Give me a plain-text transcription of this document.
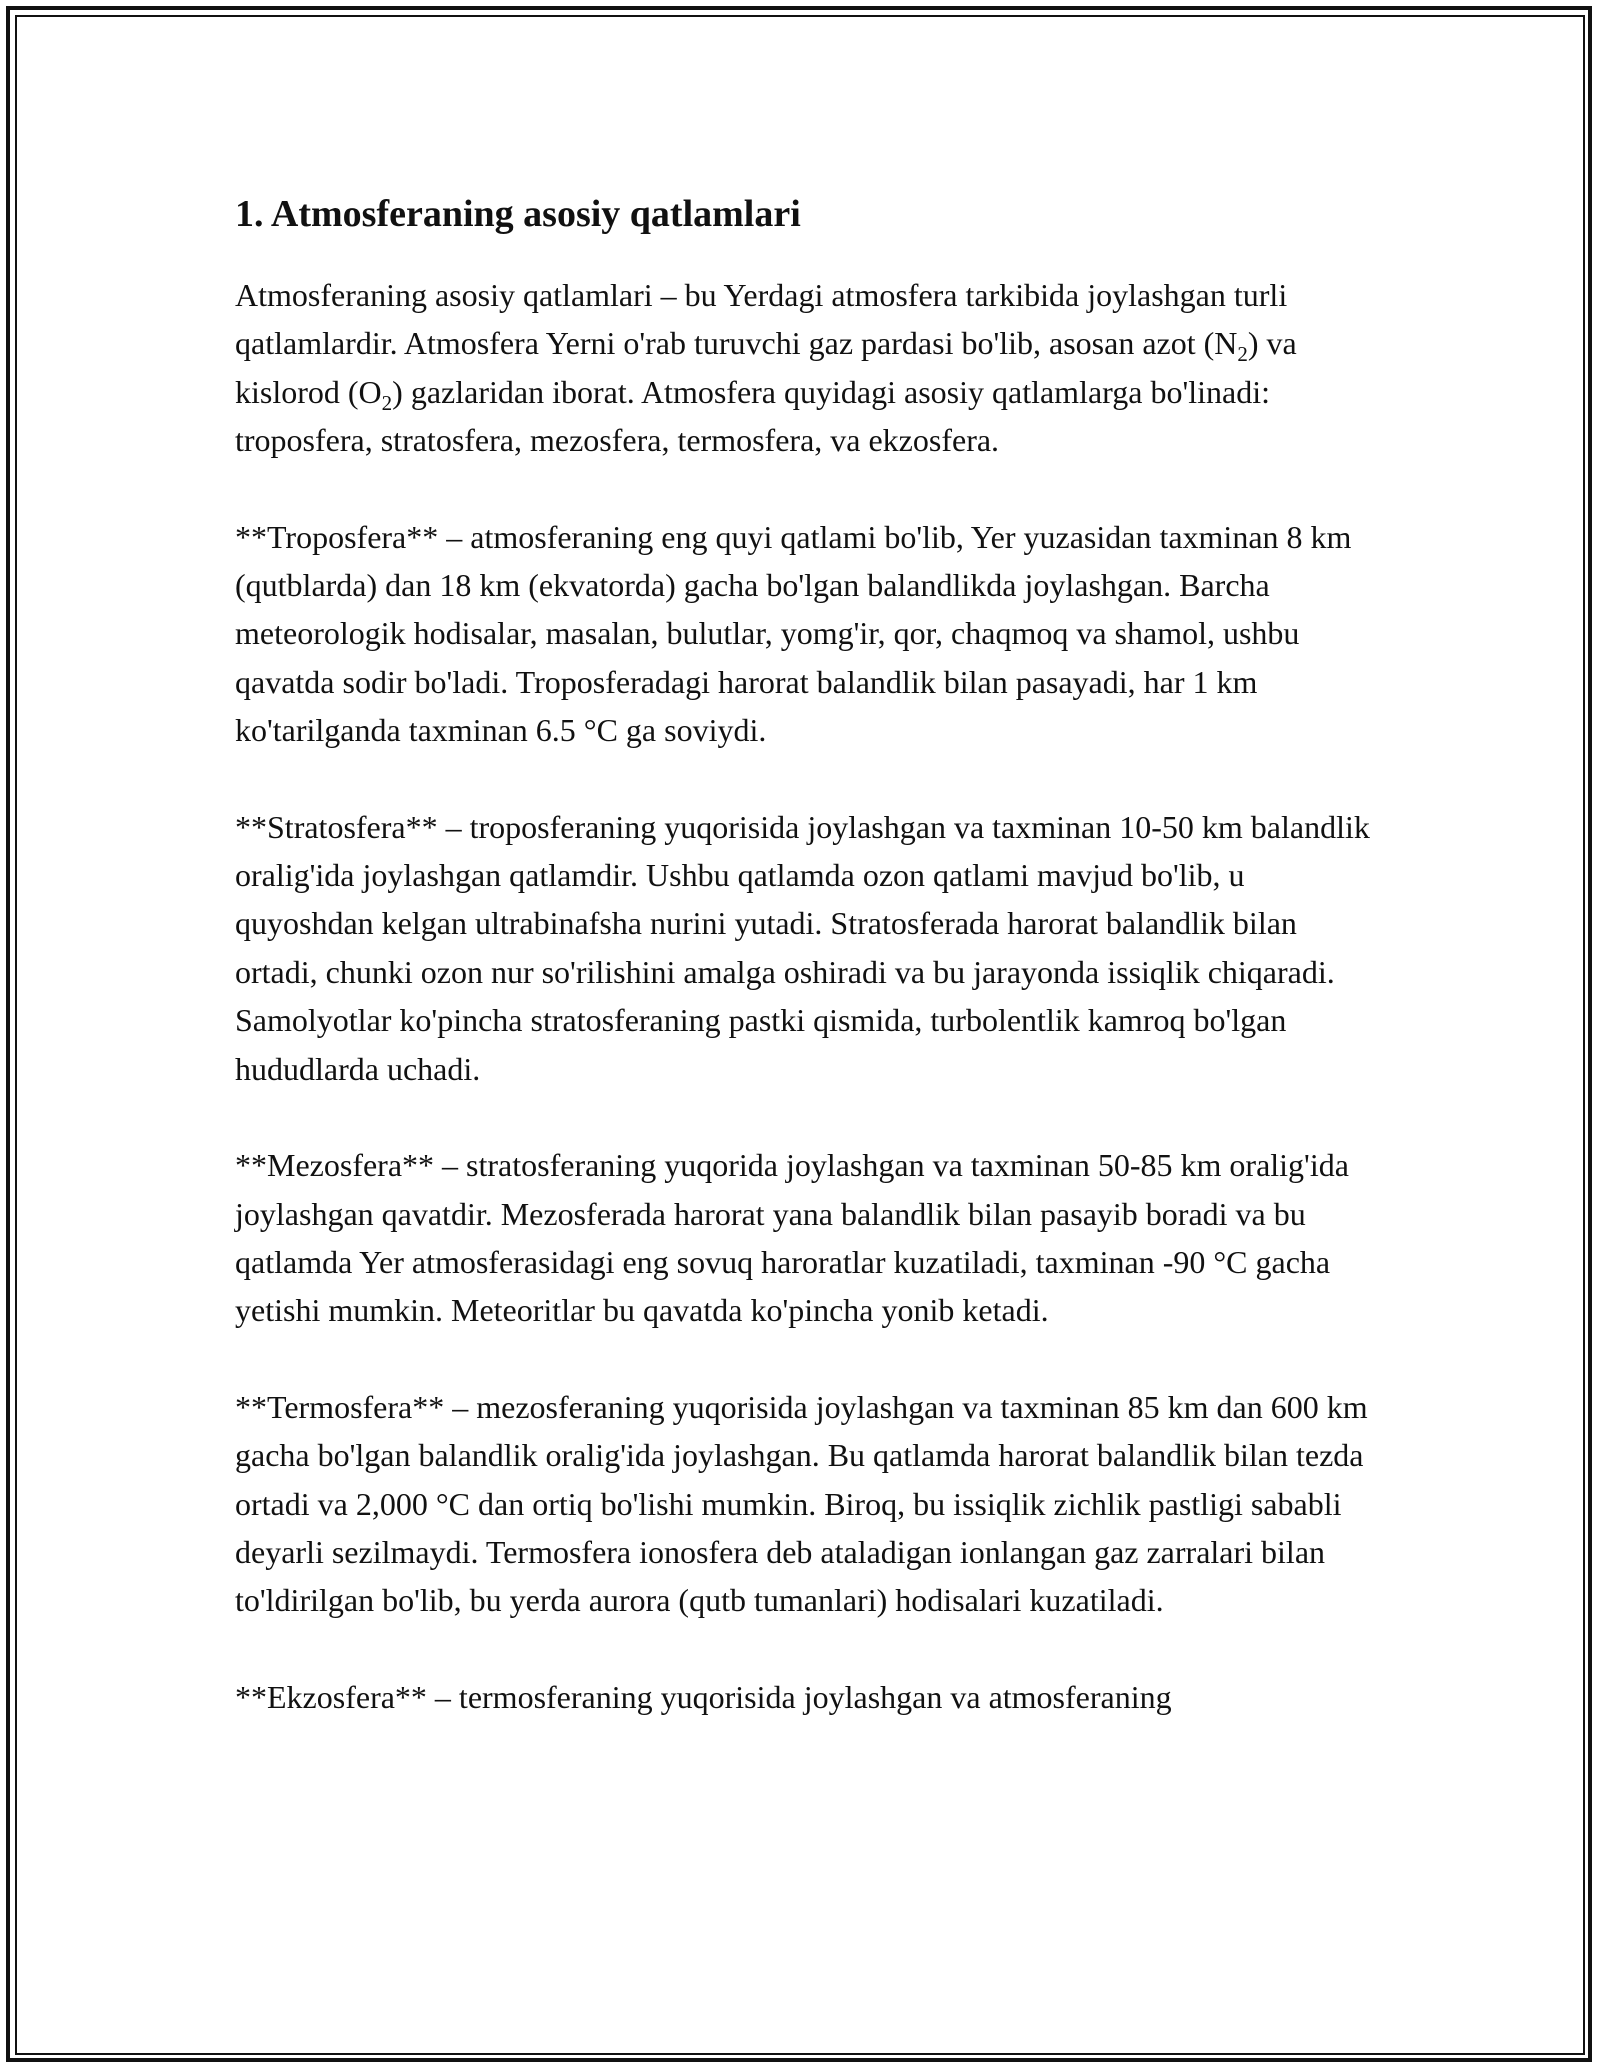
1. Atmosferaning asosiy qatlamlari

Atmosferaning asosiy qatlamlari – bu Yerdagi atmosfera tarkibida joylashgan turli qatlamlardir. Atmosfera Yerni o'rab turuvchi gaz pardasi bo'lib, asosan azot $(N_2)$ va kislorod $(O_2)$ gazlaridan iborat. Atmosfera quyidagi asosiy qatlamlarga bo'linadi: troposfera, stratosfera, mezosfera, termosfera, va ekzosfera.

**Troposfera** – atmosferaning eng quyi qatlami bo'lib, Yer yuzasidan taxminan 8 km (qutblarda) dan 18 km (ekvatorda) gacha bo'lgan balandlikda joylashgan. Barcha meteorologik hodisalar, masalan, bulutlar, yomg'ir, qor, chaqmoq va shamol, ushbu qavatda sodir bo'ladi. Troposferadagi harorat balandlik bilan pasayadi, har 1 km ko'tarilganda taxminan 6.5 °C ga soviydi.

**Stratosfera** – troposferaning yuqorisida joylashgan va taxminan 10-50 km balandlik oralig'ida joylashgan qatlamdir. Ushbu qatlamda ozon qatlami mavjud bo'lib, u quyoshdan kelgan ultrabinafsha nurini yutadi. Stratosferada harorat balandlik bilan ortadi, chunki ozon nur so'rilishini amalga oshiradi va bu jarayonda issiqlik chiqaradi. Samolyotlar ko'pincha stratosferaning pastki qismida, turbolentlik kamroq bo'lgan hududlarda uchadi.

**Mezosfera** – stratosferaning yuqorida joylashgan va taxminan 50-85 km oralig'ida joylashgan qavatdir. Mezosferada harorat yana balandlik bilan pasayib boradi va bu qatlamda Yer atmosferasidagi eng sovuq haroratlar kuzatiladi, taxminan -90 °C gacha yetishi mumkin. Meteoritlar bu qavatda ko'pincha yonib ketadi.

**Termosfera** – mezosferaning yuqorisida joylashgan va taxminan 85 km dan 600 km gacha bo'lgan balandlik oralig'ida joylashgan. Bu qatlamda harorat balandlik bilan tezda ortadi va 2,000 °C dan ortiq bo'lishi mumkin. Biroq, bu issiqlik zichlik pastligi sababli deyarli sezilmaydi. Termosfera ionosfera deb ataladigan ionlangan gaz zarralari bilan to'ldirilgan bo'lib, bu yerda aurora (qutb tumanlari) hodisalari kuzatiladi.

**Ekzosfera** – termosferaning yuqorisida joylashgan va atmosferaning
